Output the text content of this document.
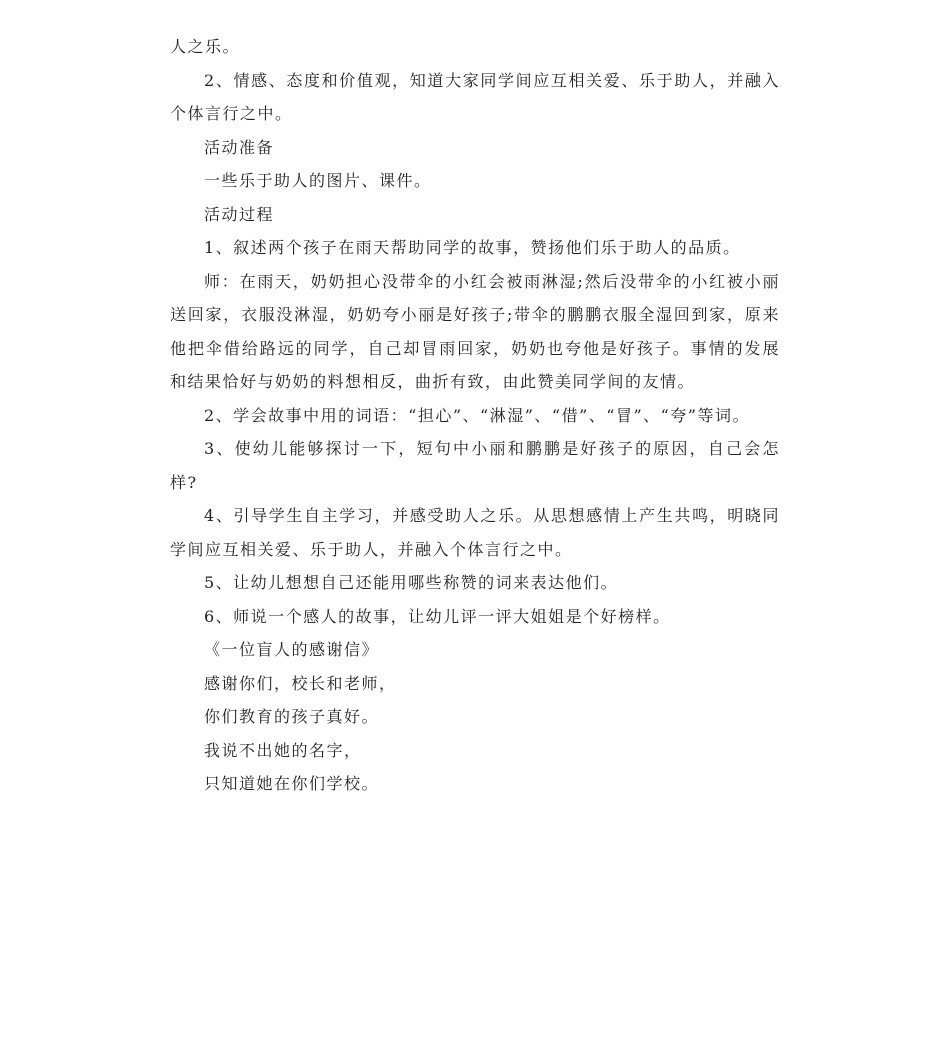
人之乐。

2、情感、态度和价值观，知道大家同学间应互相关爱、乐于助人，并融入个体言行之中。

活动准备

一些乐于助人的图片、课件。

活动过程

1、叙述两个孩子在雨天帮助同学的故事，赞扬他们乐于助人的品质。

师：在雨天，奶奶担心没带伞的小红会被雨淋湿;然后没带伞的小红被小丽送回家，衣服没淋湿，奶奶夸小丽是好孩子;带伞的鹏鹏衣服全湿回到家，原来他把伞借给路远的同学，自己却冒雨回家，奶奶也夸他是好孩子。事情的发展和结果恰好与奶奶的料想相反，曲折有致，由此赞美同学间的友情。

2、学会故事中用的词语：“担心”、“淋湿”、“借”、“冒”、“夸”等词。

3、使幼儿能够探讨一下，短句中小丽和鹏鹏是好孩子的原因，自己会怎样?

4、引导学生自主学习，并感受助人之乐。从思想感情上产生共鸣，明晓同学间应互相关爱、乐于助人，并融入个体言行之中。

5、让幼儿想想自己还能用哪些称赞的词来表达他们。

6、师说一个感人的故事，让幼儿评一评大姐姐是个好榜样。

《一位盲人的感谢信》

感谢你们，校长和老师，

你们教育的孩子真好。

我说不出她的名字，

只知道她在你们学校。
